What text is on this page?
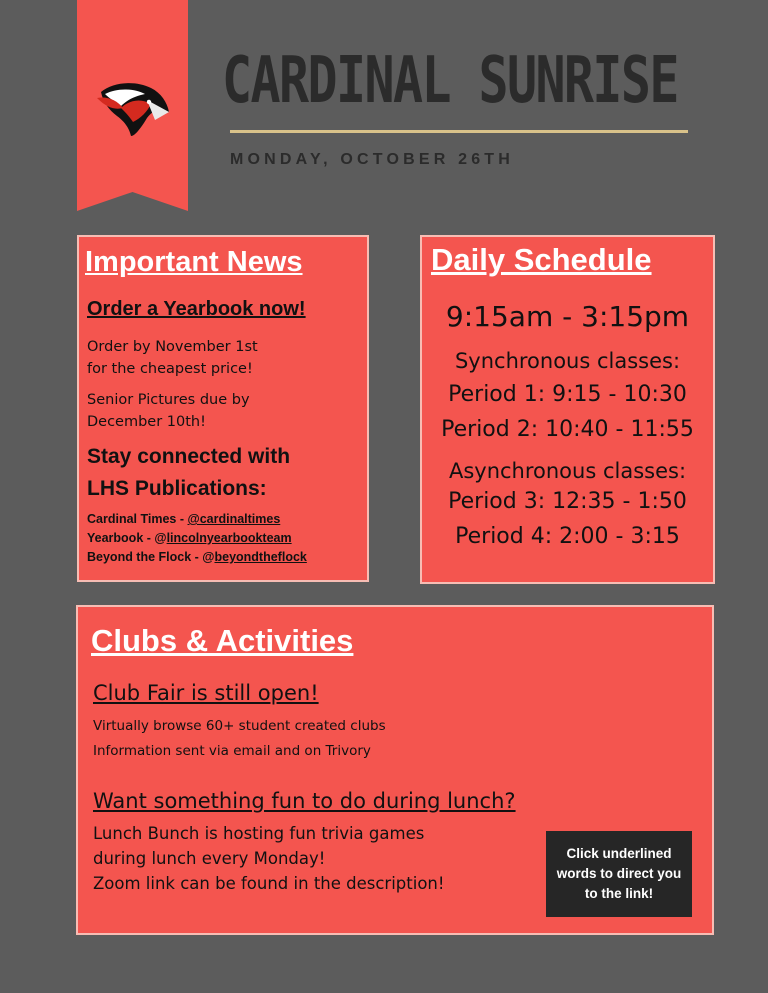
CARDINAL SUNRISE
MONDAY, OCTOBER 26TH
Important News
Order a Yearbook now!
Order by November 1st
for the cheapest price!
Senior Pictures due by
December 10th!
Stay connected with
LHS Publications:
Cardinal Times - @cardinaltimes
Yearbook - @lincolnyearbookteam
Beyond the Flock - @beyondtheflock
Daily Schedule
9:15am - 3:15pm
Synchronous classes:
Period 1: 9:15 - 10:30
Period 2: 10:40 - 11:55
Asynchronous classes:
Period 3: 12:35 - 1:50
Period 4: 2:00 - 3:15
Clubs & Activities
Club Fair is still open!
Virtually browse 60+ student created clubs
Information sent via email and on Trivory
Want something fun to do during lunch?
Lunch Bunch is hosting fun trivia games
during lunch every Monday!
Zoom link can be found in the description!
Click underlined words to direct you to the link!
